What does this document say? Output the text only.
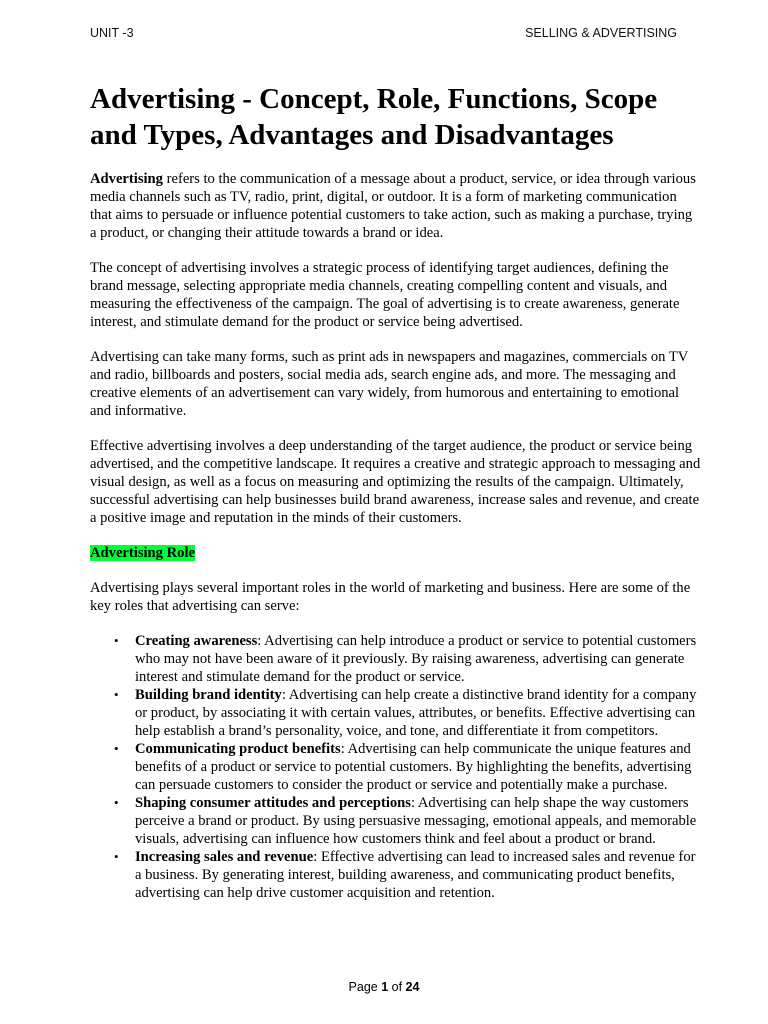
UNIT -3	SELLING & ADVERTISING
Advertising - Concept, Role, Functions, Scope and Types, Advantages and Disadvantages

Advertising refers to the communication of a message about a product, service, or idea through various media channels such as TV, radio, print, digital, or outdoor. It is a form of marketing communication that aims to persuade or influence potential customers to take action, such as making a purchase, trying a product, or changing their attitude towards a brand or idea.

The concept of advertising involves a strategic process of identifying target audiences, defining the brand message, selecting appropriate media channels, creating compelling content and visuals, and measuring the effectiveness of the campaign. The goal of advertising is to create awareness, generate interest, and stimulate demand for the product or service being advertised.

Advertising can take many forms, such as print ads in newspapers and magazines, commercials on TV and radio, billboards and posters, social media ads, search engine ads, and more. The messaging and creative elements of an advertisement can vary widely, from humorous and entertaining to emotional and informative.

Effective advertising involves a deep understanding of the target audience, the product or service being advertised, and the competitive landscape. It requires a creative and strategic approach to messaging and visual design, as well as a focus on measuring and optimizing the results of the campaign. Ultimately, successful advertising can help businesses build brand awareness, increase sales and revenue, and create a positive image and reputation in the minds of their customers.

Advertising Role

Advertising plays several important roles in the world of marketing and business. Here are some of the key roles that advertising can serve:

• Creating awareness: Advertising can help introduce a product or service to potential customers who may not have been aware of it previously. By raising awareness, advertising can generate interest and stimulate demand for the product or service.
• Building brand identity: Advertising can help create a distinctive brand identity for a company or product, by associating it with certain values, attributes, or benefits. Effective advertising can help establish a brand’s personality, voice, and tone, and differentiate it from competitors.
• Communicating product benefits: Advertising can help communicate the unique features and benefits of a product or service to potential customers. By highlighting the benefits, advertising can persuade customers to consider the product or service and potentially make a purchase.
• Shaping consumer attitudes and perceptions: Advertising can help shape the way customers perceive a brand or product. By using persuasive messaging, emotional appeals, and memorable visuals, advertising can influence how customers think and feel about a product or brand.
• Increasing sales and revenue: Effective advertising can lead to increased sales and revenue for a business. By generating interest, building awareness, and communicating product benefits, advertising can help drive customer acquisition and retention.
Page 1 of 24
